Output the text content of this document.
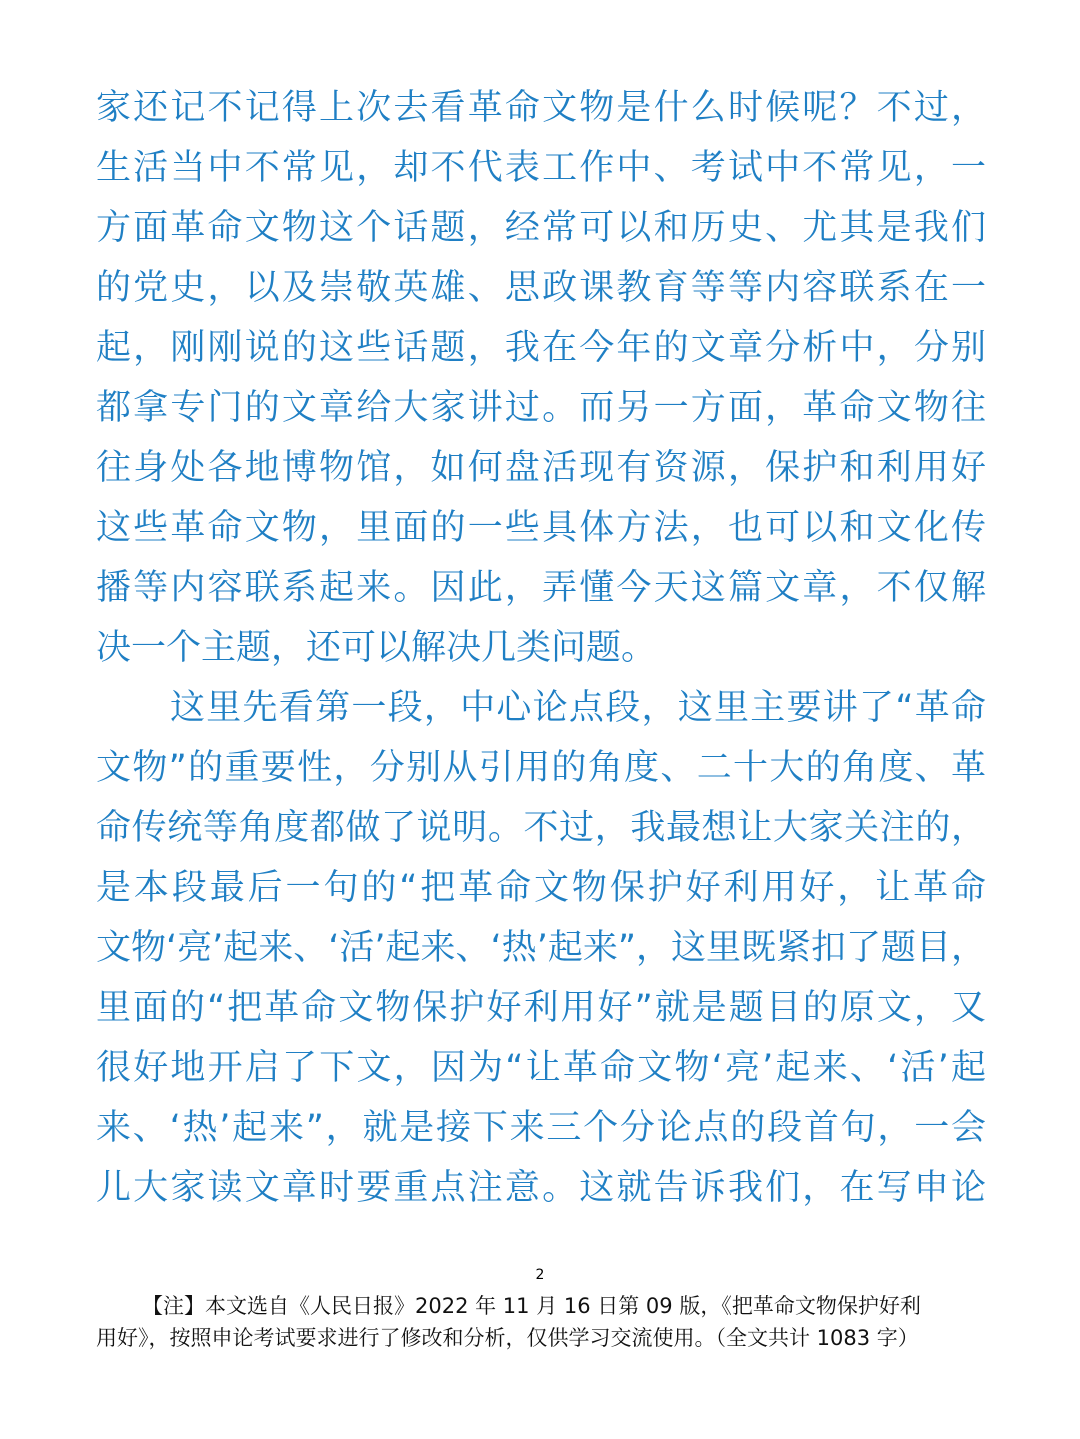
家还记不记得上次去看革命文物是什么时候呢？不过，
生活当中不常见，却不代表工作中、考试中不常见，一
方面革命文物这个话题，经常可以和历史、尤其是我们
的党史，以及崇敬英雄、思政课教育等等内容联系在一
起，刚刚说的这些话题，我在今年的文章分析中，分别
都拿专门的文章给大家讲过。而另一方面，革命文物往
往身处各地博物馆，如何盘活现有资源，保护和利用好
这些革命文物，里面的一些具体方法，也可以和文化传
播等内容联系起来。因此，弄懂今天这篇文章，不仅解
决一个主题，还可以解决几类问题。
这里先看第一段，中心论点段，这里主要讲了“革命
文物”的重要性，分别从引用的角度、二十大的角度、革
命传统等角度都做了说明。不过，我最想让大家关注的，
是本段最后一句的“把革命文物保护好利用好，让革命
文物‘亮’起来、‘活’起来、‘热’起来”，这里既紧扣了题目，
里面的“把革命文物保护好利用好”就是题目的原文，又
很好地开启了下文，因为“让革命文物‘亮’起来、‘活’起
来、‘热’起来”，就是接下来三个分论点的段首句，一会
儿大家读文章时要重点注意。这就告诉我们，在写申论
2
【注】本文选自《人民日报》2022 年 11 月 16 日第 09 版，《把革命文物保护好利
用好》，按照申论考试要求进行了修改和分析，仅供学习交流使用。（全文共计 1083 字）
